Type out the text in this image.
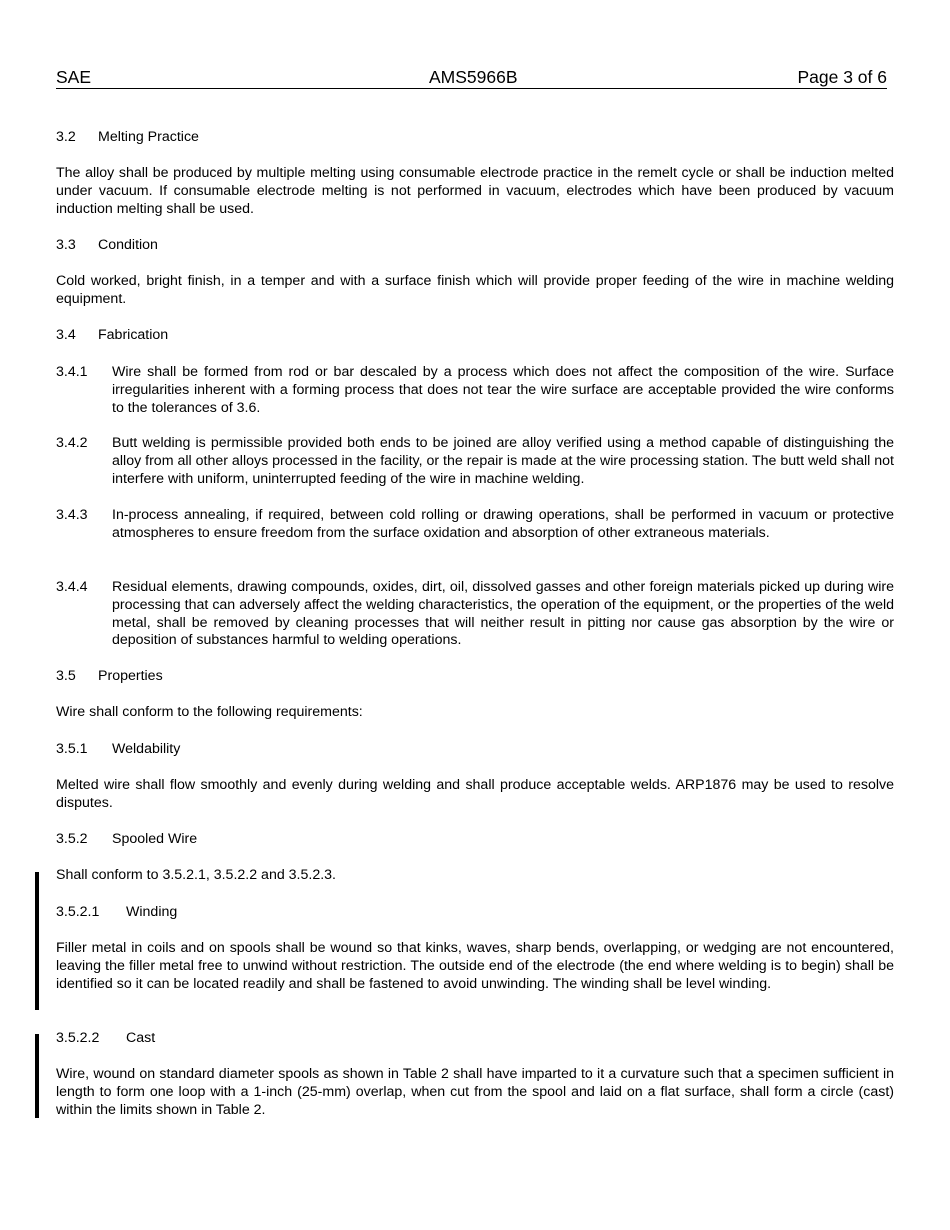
SAE	AMS5966B	Page 3 of 6
3.2 Melting Practice
The alloy shall be produced by multiple melting using consumable electrode practice in the remelt cycle or shall be induction melted under vacuum. If consumable electrode melting is not performed in vacuum, electrodes which have been produced by vacuum induction melting shall be used.
3.3 Condition
Cold worked, bright finish, in a temper and with a surface finish which will provide proper feeding of the wire in machine welding equipment.
3.4 Fabrication
3.4.1 Wire shall be formed from rod or bar descaled by a process which does not affect the composition of the wire. Surface irregularities inherent with a forming process that does not tear the wire surface are acceptable provided the wire conforms to the tolerances of 3.6.
3.4.2 Butt welding is permissible provided both ends to be joined are alloy verified using a method capable of distinguishing the alloy from all other alloys processed in the facility, or the repair is made at the wire processing station. The butt weld shall not interfere with uniform, uninterrupted feeding of the wire in machine welding.
3.4.3 In-process annealing, if required, between cold rolling or drawing operations, shall be performed in vacuum or protective atmospheres to ensure freedom from the surface oxidation and absorption of other extraneous materials.
3.4.4 Residual elements, drawing compounds, oxides, dirt, oil, dissolved gasses and other foreign materials picked up during wire processing that can adversely affect the welding characteristics, the operation of the equipment, or the properties of the weld metal, shall be removed by cleaning processes that will neither result in pitting nor cause gas absorption by the wire or deposition of substances harmful to welding operations.
3.5 Properties
Wire shall conform to the following requirements:
3.5.1 Weldability
Melted wire shall flow smoothly and evenly during welding and shall produce acceptable welds. ARP1876 may be used to resolve disputes.
3.5.2 Spooled Wire
Shall conform to 3.5.2.1, 3.5.2.2 and 3.5.2.3.
3.5.2.1 Winding
Filler metal in coils and on spools shall be wound so that kinks, waves, sharp bends, overlapping, or wedging are not encountered, leaving the filler metal free to unwind without restriction. The outside end of the electrode (the end where welding is to begin) shall be identified so it can be located readily and shall be fastened to avoid unwinding. The winding shall be level winding.
3.5.2.2 Cast
Wire, wound on standard diameter spools as shown in Table 2 shall have imparted to it a curvature such that a specimen sufficient in length to form one loop with a 1-inch (25-mm) overlap, when cut from the spool and laid on a flat surface, shall form a circle (cast) within the limits shown in Table 2.
